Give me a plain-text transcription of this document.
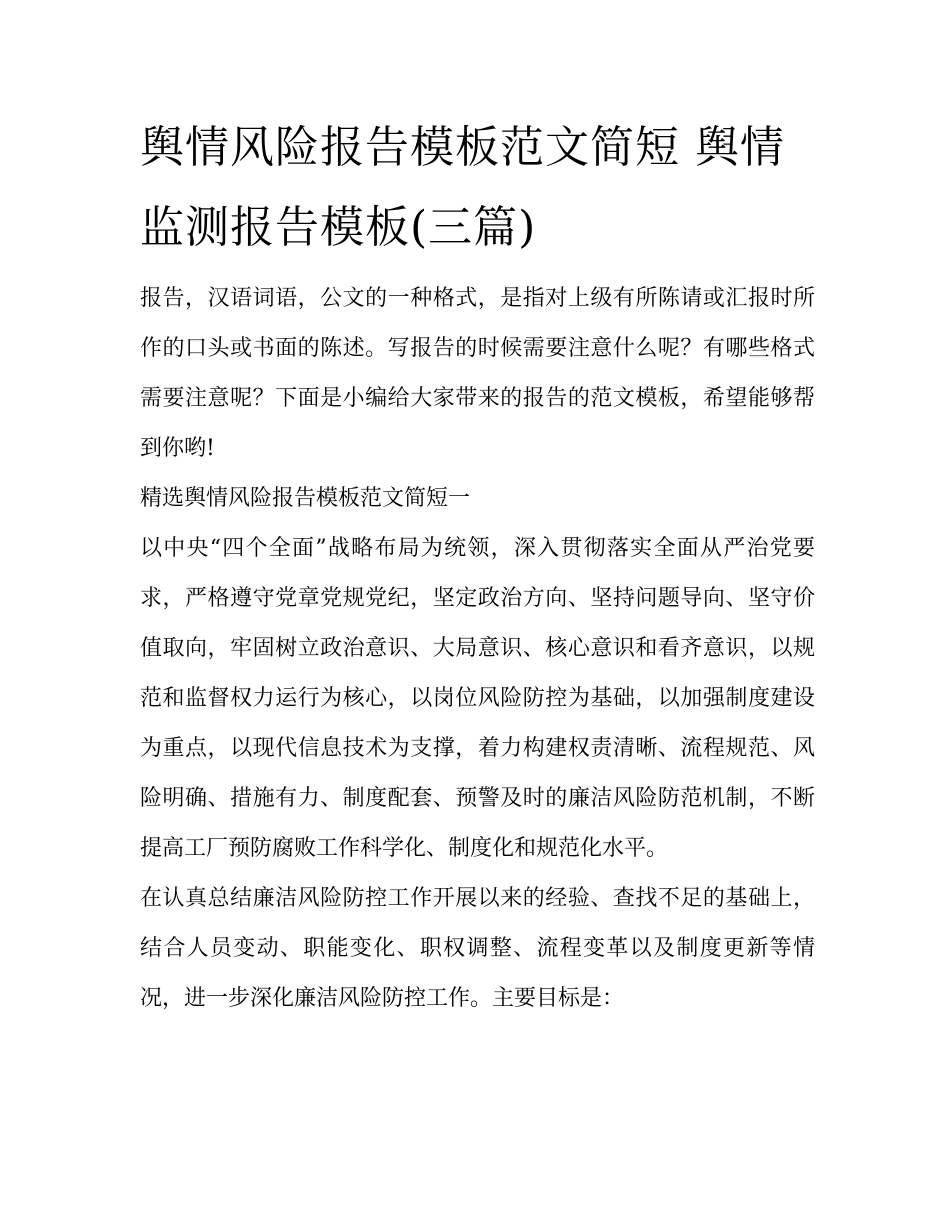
舆情风险报告模板范文简短 舆情监测报告模板(三篇)

报告，汉语词语，公文的一种格式，是指对上级有所陈请或汇报时所作的口头或书面的陈述。写报告的时候需要注意什么呢？有哪些格式需要注意呢？下面是小编给大家带来的报告的范文模板，希望能够帮到你哟!

精选舆情风险报告模板范文简短一

以中央“四个全面”战略布局为统领，深入贯彻落实全面从严治党要求，严格遵守党章党规党纪，坚定政治方向、坚持问题导向、坚守价值取向，牢固树立政治意识、大局意识、核心意识和看齐意识，以规范和监督权力运行为核心，以岗位风险防控为基础，以加强制度建设为重点，以现代信息技术为支撑，着力构建权责清晰、流程规范、风险明确、措施有力、制度配套、预警及时的廉洁风险防范机制，不断提高工厂预防腐败工作科学化、制度化和规范化水平。

在认真总结廉洁风险防控工作开展以来的经验、查找不足的基础上，结合人员变动、职能变化、职权调整、流程变革以及制度更新等情况，进一步深化廉洁风险防控工作。主要目标是：
